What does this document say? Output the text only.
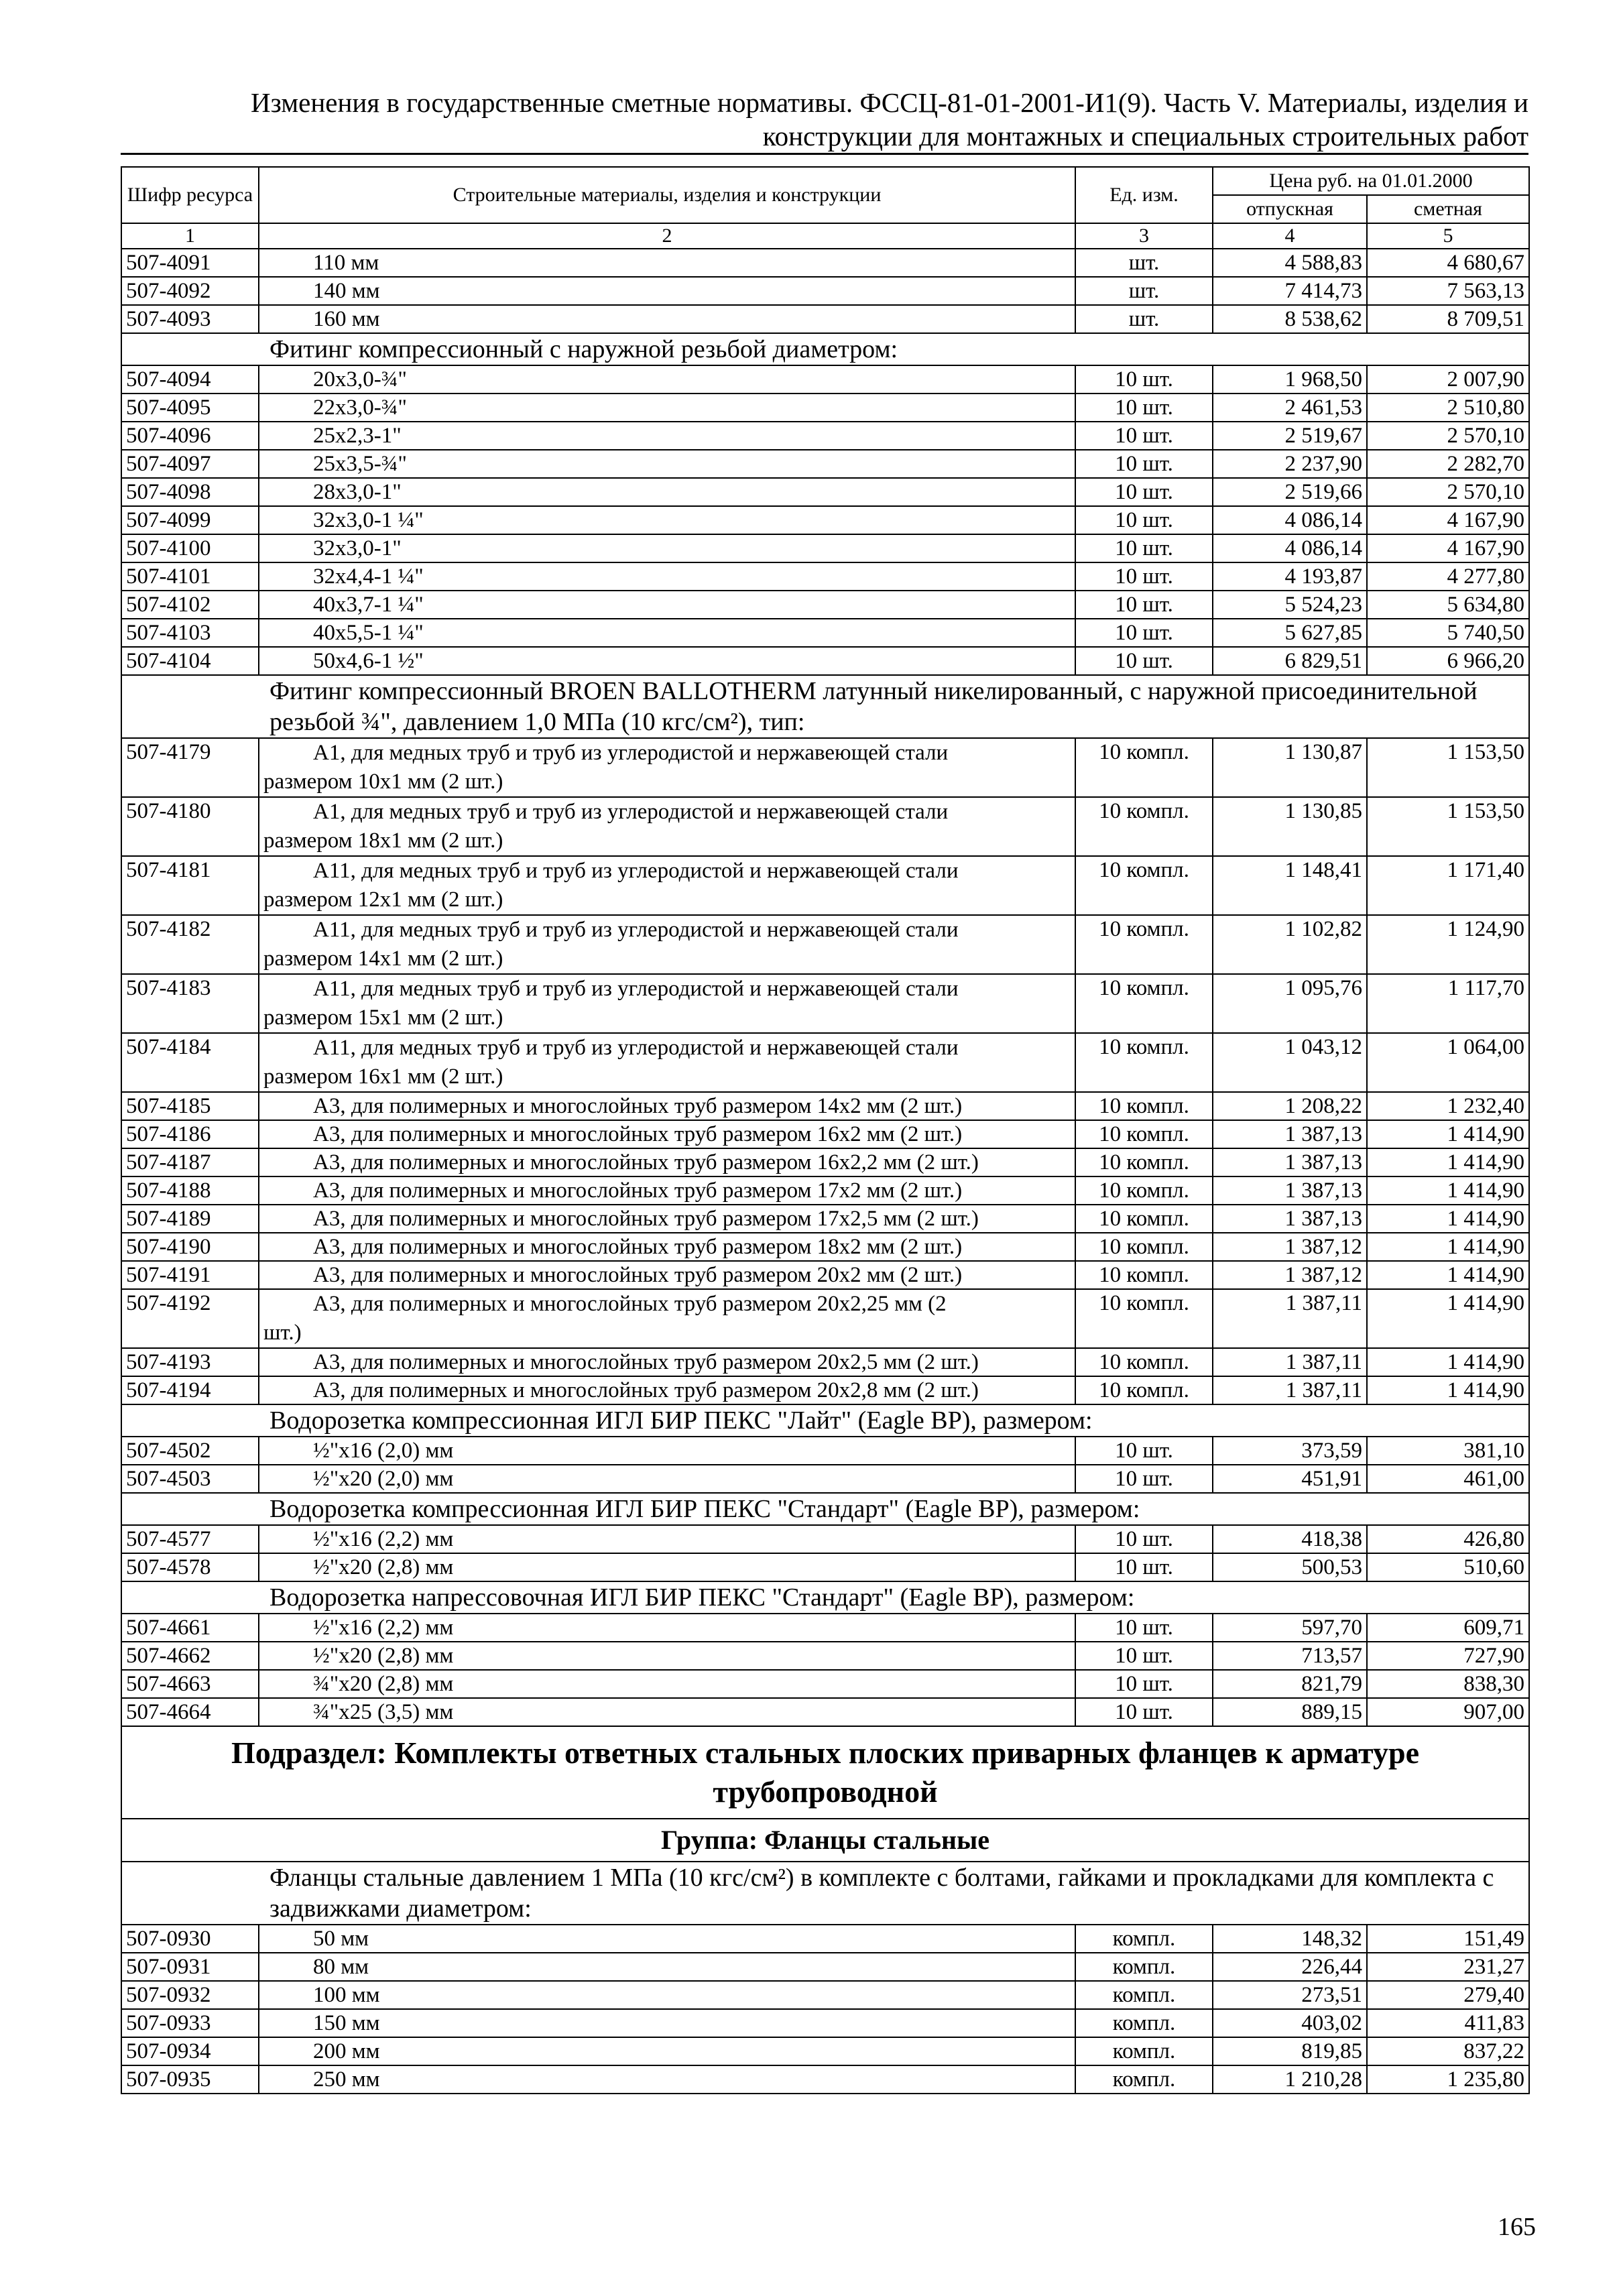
Изменения в государственные сметные нормативы. ФССЦ-81-01-2001-И1(9). Часть V. Материалы, изделия и
конструкции для монтажных и специальных строительных работ
Шифр ресурса	Строительные материалы, изделия и конструкции	Ед. изм.	Цена руб. на 01.01.2000	
			отпускная	сметная
1	2	3	4	5
507-4091	110 мм	шт.	4 588,83	4 680,67
507-4092	140 мм	шт.	7 414,73	7 563,13
507-4093	160 мм	шт.	8 538,62	8 709,51
Фитинг компрессионный с наружной резьбой диаметром:				
507-4094	20x3,0-¾"	10 шт.	1 968,50	2 007,90
507-4095	22x3,0-¾"	10 шт.	2 461,53	2 510,80
507-4096	25x2,3-1"	10 шт.	2 519,67	2 570,10
507-4097	25x3,5-¾"	10 шт.	2 237,90	2 282,70
507-4098	28x3,0-1"	10 шт.	2 519,66	2 570,10
507-4099	32x3,0-1 ¼"	10 шт.	4 086,14	4 167,90
507-4100	32x3,0-1"	10 шт.	4 086,14	4 167,90
507-4101	32x4,4-1 ¼"	10 шт.	4 193,87	4 277,80
507-4102	40x3,7-1 ¼"	10 шт.	5 524,23	5 634,80
507-4103	40x5,5-1 ¼"	10 шт.	5 627,85	5 740,50
507-4104	50x4,6-1 ½"	10 шт.	6 829,51	6 966,20
Фитинг компрессионный BROEN BALLOTHERM латунный никелированный, с наружной присоединительной резьбой ¾", давлением 1,0 МПа (10 кгс/см²), тип:				
507-4179	A1, для медных труб и труб из углеродистой и нержавеющей стали
размером 10x1 мм (2 шт.)	10 компл.	1 130,87	1 153,50
507-4180	A1, для медных труб и труб из углеродистой и нержавеющей стали
размером 18x1 мм (2 шт.)	10 компл.	1 130,85	1 153,50
507-4181	A11, для медных труб и труб из углеродистой и нержавеющей стали
размером 12x1 мм (2 шт.)	10 компл.	1 148,41	1 171,40
507-4182	A11, для медных труб и труб из углеродистой и нержавеющей стали
размером 14x1 мм (2 шт.)	10 компл.	1 102,82	1 124,90
507-4183	A11, для медных труб и труб из углеродистой и нержавеющей стали
размером 15x1 мм (2 шт.)	10 компл.	1 095,76	1 117,70
507-4184	A11, для медных труб и труб из углеродистой и нержавеющей стали
размером 16x1 мм (2 шт.)	10 компл.	1 043,12	1 064,00
507-4185	A3, для полимерных и многослойных труб размером 14x2 мм (2 шт.)	10 компл.	1 208,22	1 232,40
507-4186	A3, для полимерных и многослойных труб размером 16x2 мм (2 шт.)	10 компл.	1 387,13	1 414,90
507-4187	A3, для полимерных и многослойных труб размером 16x2,2 мм (2 шт.)	10 компл.	1 387,13	1 414,90
507-4188	A3, для полимерных и многослойных труб размером 17x2 мм (2 шт.)	10 компл.	1 387,13	1 414,90
507-4189	A3, для полимерных и многослойных труб размером 17x2,5 мм (2 шт.)	10 компл.	1 387,13	1 414,90
507-4190	A3, для полимерных и многослойных труб размером 18x2 мм (2 шт.)	10 компл.	1 387,12	1 414,90
507-4191	A3, для полимерных и многослойных труб размером 20x2 мм (2 шт.)	10 компл.	1 387,12	1 414,90
507-4192	A3, для полимерных и многослойных труб размером 20x2,25 мм (2
шт.)	10 компл.	1 387,11	1 414,90
507-4193	A3, для полимерных и многослойных труб размером 20x2,5 мм (2 шт.)	10 компл.	1 387,11	1 414,90
507-4194	A3, для полимерных и многослойных труб размером 20x2,8 мм (2 шт.)	10 компл.	1 387,11	1 414,90
Водорозетка компрессионная ИГЛ БИР ПЕКС "Лайт" (Eagle BP), размером:				
507-4502	½"x16 (2,0) мм	10 шт.	373,59	381,10
507-4503	½"x20 (2,0) мм	10 шт.	451,91	461,00
Водорозетка компрессионная ИГЛ БИР ПЕКС "Стандарт" (Eagle BP), размером:				
507-4577	½"x16 (2,2) мм	10 шт.	418,38	426,80
507-4578	½"x20 (2,8) мм	10 шт.	500,53	510,60
Водорозетка напрессовочная ИГЛ БИР ПЕКС "Стандарт" (Eagle BP), размером:				
507-4661	½"x16 (2,2) мм	10 шт.	597,70	609,71
507-4662	½"x20 (2,8) мм	10 шт.	713,57	727,90
507-4663	¾"x20 (2,8) мм	10 шт.	821,79	838,30
507-4664	¾"x25 (3,5) мм	10 шт.	889,15	907,00
Подраздел: Комплекты ответных стальных плоских приварных фланцев к арматуре трубопроводной				
Группа: Фланцы стальные				
Фланцы стальные давлением 1 МПа (10 кгс/см²) в комплекте с болтами, гайками и прокладками для комплекта с задвижками диаметром:				
507-0930	50 мм	компл.	148,32	151,49
507-0931	80 мм	компл.	226,44	231,27
507-0932	100 мм	компл.	273,51	279,40
507-0933	150 мм	компл.	403,02	411,83
507-0934	200 мм	компл.	819,85	837,22
507-0935	250 мм	компл.	1 210,28	1 235,80
165
